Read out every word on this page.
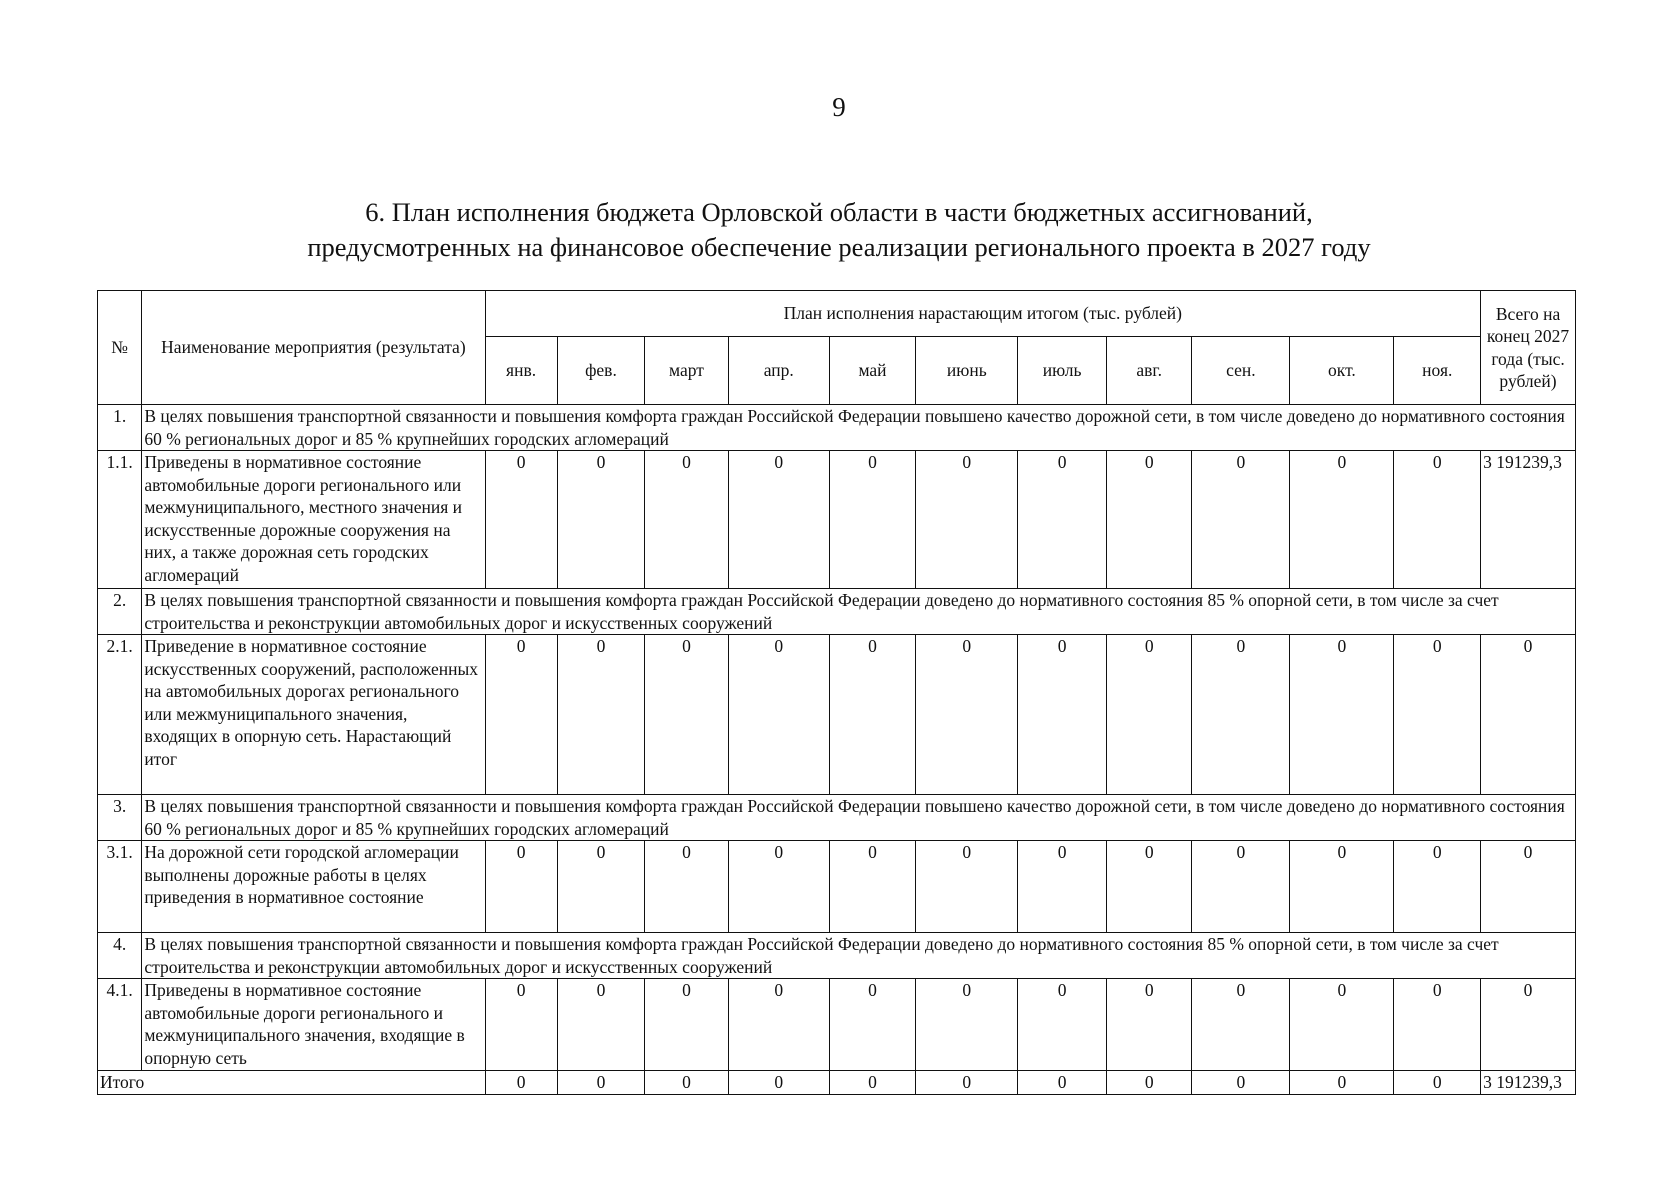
9
6. План исполнения бюджета Орловской области в части бюджетных ассигнований,
предусмотренных на финансовое обеспечение реализации регионального проекта в 2027 году
№	Наименование мероприятия (результата)	План исполнения нарастающим итогом (тыс. рублей)											Всего на конец 2027 года (тыс. рублей)
		янв.	фев.	март	апр.	май	июнь	июль	авг.	сен.	окт.	ноя.	
1.	В целях повышения транспортной связанности и повышения комфорта граждан Российской Федерации повышено качество дорожной сети, в том числе доведено до нормативного состояния 60 % региональных дорог и 85 % крупнейших городских агломераций												
1.1.	Приведены в нормативное состояние автомобильные дороги регионального или межмуниципального, местного значения и искусственные дорожные сооружения на них, а также дорожная сеть городских агломераций	0	0	0	0	0	0	0	0	0	0	0	3 191239,3
2.	В целях повышения транспортной связанности и повышения комфорта граждан Российской Федерации доведено до нормативного состояния 85 % опорной сети, в том числе за счет строительства и реконструкции автомобильных дорог и искусственных сооружений												
2.1.	Приведение в нормативное состояние искусственных сооружений, расположенных на автомобильных дорогах регионального или межмуниципального значения, входящих в опорную сеть. Нарастающий итог	0	0	0	0	0	0	0	0	0	0	0	0
3.	В целях повышения транспортной связанности и повышения комфорта граждан Российской Федерации повышено качество дорожной сети, в том числе доведено до нормативного состояния 60 % региональных дорог и 85 % крупнейших городских агломераций												
3.1.	На дорожной сети городской агломерации выполнены дорожные работы в целях приведения в нормативное состояние	0	0	0	0	0	0	0	0	0	0	0	0
4.	В целях повышения транспортной связанности и повышения комфорта граждан Российской Федерации доведено до нормативного состояния 85 % опорной сети, в том числе за счет строительства и реконструкции автомобильных дорог и искусственных сооружений												
4.1.	Приведены в нормативное состояние автомобильные дороги регионального и межмуниципального значения, входящие в опорную сеть	0	0	0	0	0	0	0	0	0	0	0	0
Итого		0	0	0	0	0	0	0	0	0	0	0	3 191239,3
